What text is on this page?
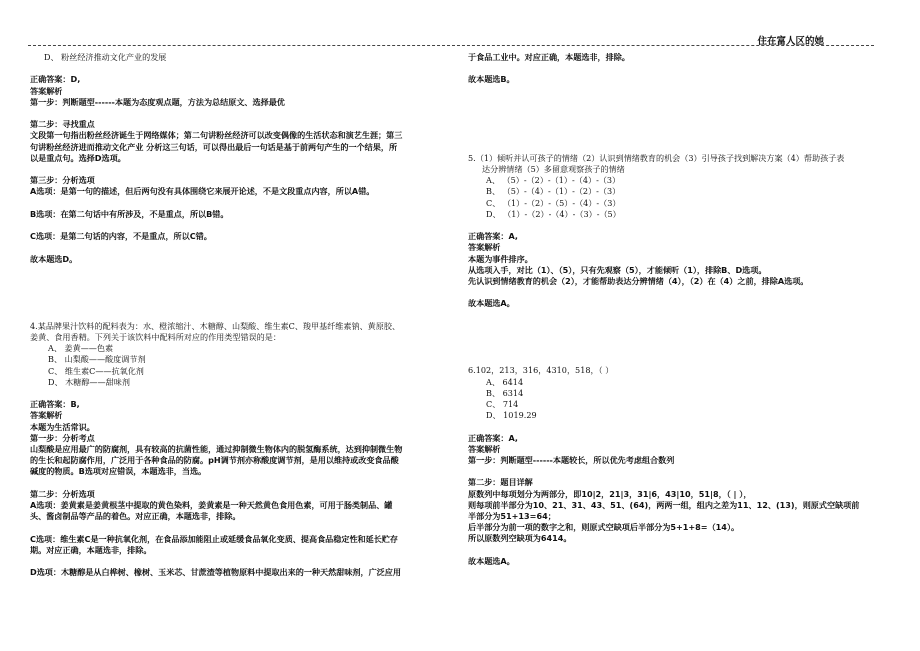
住在富人区的她
D、 粉丝经济推动文化产业的发展
正确答案：D,
答案解析
第一步：判断题型------本题为态度观点题，方法为总结原文、选择最优
第二步：寻找重点
文段第一句指出粉丝经济诞生于网络媒体；第二句讲粉丝经济可以改变偶像的生活状态和演艺生涯；第三
句讲粉丝经济进而推动文化产业 分析这三句话，可以得出最后一句话是基于前两句产生的一个结果，所
以是重点句。选择D选项。
第三步：分析选项
A选项：是第一句的描述，但后两句没有具体围绕它来展开论述，不是文段重点内容，所以A错。
B选项：在第二句话中有所涉及，不是重点，所以B错。
C选项：是第二句话的内容，不是重点，所以C错。
故本题选D。
4.某品牌果汁饮料的配料表为：水、橙浓缩汁、木糖醇、山梨酸、维生素C、羧甲基纤维素钠、黄原胶、
姜黄、食用香精。下列关于该饮料中配料所对应的作用类型错误的是：
A、 姜黄——色素
B、 山梨酸——酸度调节剂
C、 维生素C——抗氧化剂
D、 木糖醇——甜味剂
正确答案：B,
答案解析
本题为生活常识。
第一步：分析考点
山梨酸是应用最广的防腐剂，具有较高的抗菌性能，通过抑制微生物体内的脱氢酶系统，达到抑制微生物
的生长和起防腐作用，广泛用于各种食品的防腐。pH调节剂亦称酸度调节剂，是用以维持或改变食品酸
碱度的物质。B选项对应错误，本题选非，当选。
第二步：分析选项
A选项：姜黄素是姜黄根茎中提取的黄色染料，姜黄素是一种天然黄色食用色素，可用于肠类制品、罐
头、酱卤制品等产品的着色。对应正确，本题选非，排除。
C选项：维生素C是一种抗氧化剂，在食品添加能阻止或延缓食品氧化变质、提高食品稳定性和延长贮存
期。对应正确，本题选非，排除。
D选项：木糖醇是从白桦树、橡树、玉米芯、甘蔗渣等植物原料中提取出来的一种天然甜味剂，广泛应用
于食品工业中。对应正确，本题选非，排除。
故本题选B。
5.（1）倾听并认可孩子的情绪（2）认识到情绪教育的机会（3）引导孩子找到解决方案（4）帮助孩子表
达分辨情绪（5）多留意观察孩子的情绪
A、 （5）-（2）-（1）-（4）-（3）
B、 （5）-（4）-（1）-（2）-（3）
C、 （1）-（2）-（5）-（4）-（3）
D、 （1）-（2）-（4）-（3）-（5）
正确答案：A,
答案解析
本题为事件排序。
从选项入手，对比（1）、（5），只有先观察（5），才能倾听（1），排除B、D选项。
先认识到情绪教育的机会（2），才能帮助表达分辨情绪（4），（2）在（4）之前，排除A选项。
故本题选A。
6.102，213，316，4310，518，（ ）
A、 6414
B、 6314
C、 714
D、 1019.29
正确答案：A,
答案解析
第一步：判断题型------本题较长，所以优先考虑组合数列
第二步：题目详解
原数列中每项划分为两部分，即10|2，21|3，31|6，43|10，51|8，（ | ），
则每项前半部分为10、21、31、43、51、(64)，两两一组，组内之差为11、12、(13)，则原式空缺项前
半部分为51+13=64；
后半部分为前一项的数字之和，则原式空缺项后半部分为5+1+8=（14）。
所以原数列空缺项为6414。
故本题选A。
